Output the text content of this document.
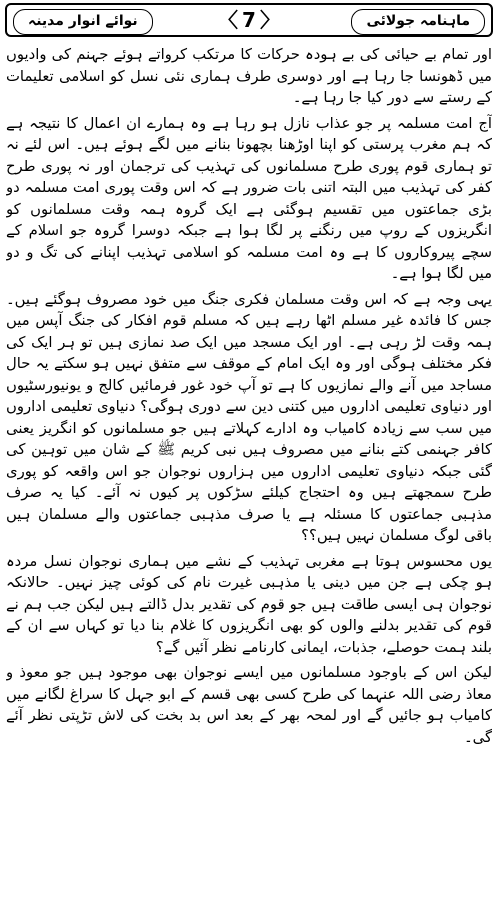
ماہنامہ جولائی
〈 7 〉
نوائے انوار مدینہ

اور تمام بے حیائی کی بے ہودہ حرکات کا مرتکب کرواتے ہوئے جہنم کی وادیوں میں ڈھونسا جا رہا ہے اور دوسری طرف ہماری نئی نسل کو اسلامی تعلیمات کے رستے سے دور کیا جا رہا ہے۔

آج امت مسلمہ پر جو عذاب نازل ہو رہا ہے وہ ہمارے ان اعمال کا نتیجہ ہے کہ ہم مغرب پرستی کو اپنا اوڑھنا بچھونا بنانے میں لگے ہوئے ہیں۔ اس لئے نہ تو ہماری قوم پوری طرح مسلمانوں کی تہذیب کی ترجمان اور نہ پوری طرح کفر کی تہذیب میں البتہ اتنی بات ضرور ہے کہ اس وقت پوری امت مسلمہ دو بڑی جماعتوں میں تقسیم ہوگئی ہے ایک گروہ ہمہ وقت مسلمانوں کو انگریزوں کے روپ میں رنگنے پر لگا ہوا ہے جبکہ دوسرا گروہ جو اسلام کے سچے پیروکاروں کا ہے وہ امت مسلمہ کو اسلامی تہذیب اپنانے کی تگ و دو میں لگا ہوا ہے۔

یہی وجہ ہے کہ اس وقت مسلمان فکری جنگ میں خود مصروف ہوگئے ہیں۔ جس کا فائدہ غیر مسلم اٹھا رہے ہیں کہ مسلم قوم افکار کی جنگ آپس میں ہمہ وقت لڑ رہی ہے۔ اور ایک مسجد میں ایک صد نمازی ہیں تو ہر ایک کی فکر مختلف ہوگی اور وہ ایک امام کے موقف سے متفق نہیں ہو سکتے یہ حال مساجد میں آنے والے نمازیوں کا ہے تو آپ خود غور فرمائیں کالج و یونیورسٹیوں اور دنیاوی تعلیمی اداروں میں کتنی دین سے دوری ہوگی؟ دنیاوی تعلیمی اداروں میں سب سے زیادہ کامیاب وہ ادارے کہلاتے ہیں جو مسلمانوں کو انگریز یعنی کافر جہنمی کتے بنانے میں مصروف ہیں نبی کریم ﷺ کے شان میں توہین کی گئی جبکہ دنیاوی تعلیمی اداروں میں ہزاروں نوجوان جو اس واقعہ کو پوری طرح سمجھتے ہیں وہ احتجاج کیلئے سڑکوں پر کیوں نہ آئے۔ کیا یہ صرف مذہبی جماعتوں کا مسئلہ ہے یا صرف مذہبی جماعتوں والے مسلمان ہیں باقی لوگ مسلمان نہیں ہیں؟؟

یوں محسوس ہوتا ہے مغربی تہذیب کے نشے میں ہماری نوجوان نسل مردہ ہو چکی ہے جن میں دینی یا مذہبی غیرت نام کی کوئی چیز نہیں۔ حالانکہ نوجوان ہی ایسی طاقت ہیں جو قوم کی تقدیر بدل ڈالتے ہیں لیکن جب ہم نے قوم کی تقدیر بدلنے والوں کو بھی انگریزوں کا غلام بنا دیا تو کہاں سے ان کے بلند ہمت حوصلے، جذبات، ایمانی کارنامے نظر آئیں گے؟

لیکن اس کے باوجود مسلمانوں میں ایسے نوجوان بھی موجود ہیں جو معوذ و معاذ رضی اللہ عنہما کی طرح کسی بھی قسم کے ابو جہل کا سراغ لگانے میں کامیاب ہو جائیں گے اور لمحہ بھر کے بعد اس بد بخت کی لاش تڑپتی نظر آئے گی۔
